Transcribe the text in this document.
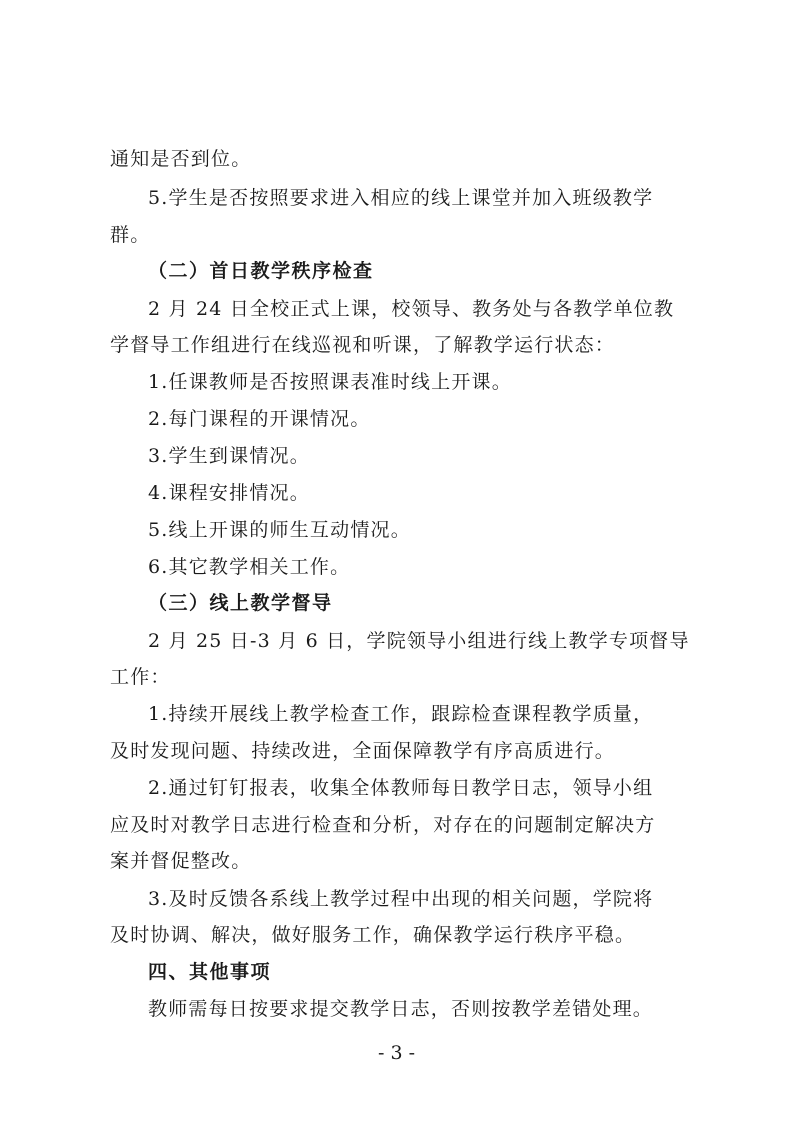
通知是否到位。
5.学生是否按照要求进入相应的线上课堂并加入班级教学
群。
（二）首日教学秩序检查
2 月 24 日全校正式上课，校领导、教务处与各教学单位教
学督导工作组进行在线巡视和听课，了解教学运行状态：
1.任课教师是否按照课表准时线上开课。
2.每门课程的开课情况。
3.学生到课情况。
4.课程安排情况。
5.线上开课的师生互动情况。
6.其它教学相关工作。
（三）线上教学督导
2 月 25 日-3 月 6 日，学院领导小组进行线上教学专项督导
工作：
1.持续开展线上教学检查工作，跟踪检查课程教学质量，
及时发现问题、持续改进，全面保障教学有序高质进行。
2.通过钉钉报表，收集全体教师每日教学日志，领导小组
应及时对教学日志进行检查和分析，对存在的问题制定解决方
案并督促整改。
3.及时反馈各系线上教学过程中出现的相关问题，学院将
及时协调、解决，做好服务工作，确保教学运行秩序平稳。
四、其他事项
教师需每日按要求提交教学日志，否则按教学差错处理。
- 3 -
